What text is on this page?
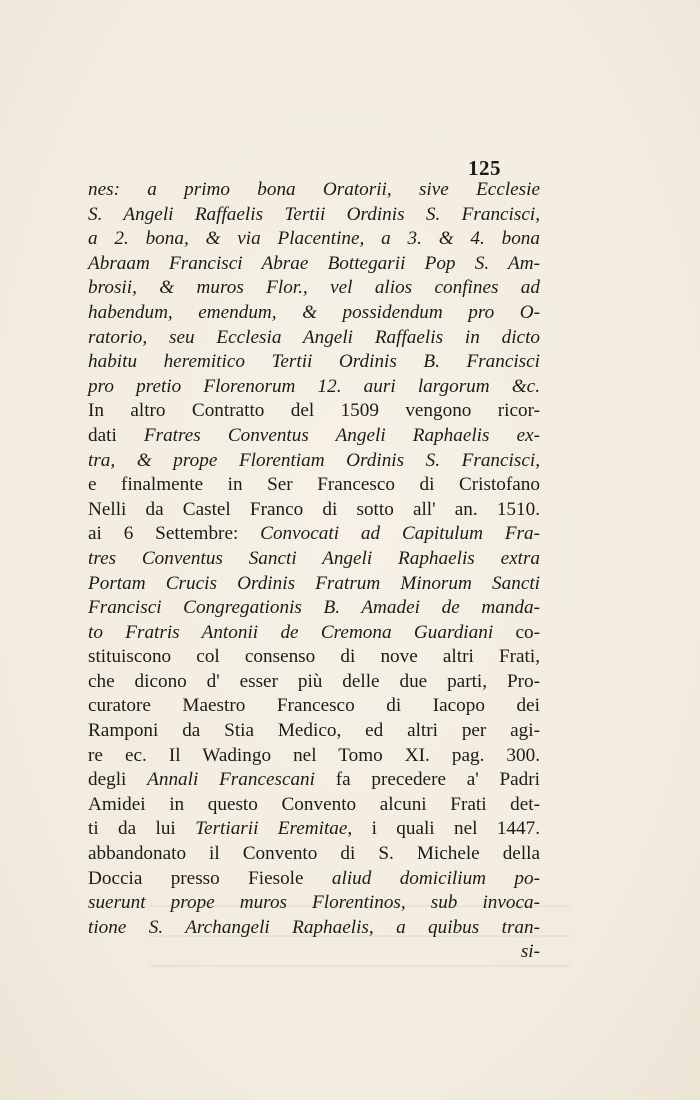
125
nes: a primo bona Oratorii, sive Ecclesie
S. Angeli Raffaelis Tertii Ordinis S. Francisci,
a 2. bona, & via Placentine, a 3. & 4. bona
Abraam Francisci Abrae Bottegarii Pop S. Am-
brosii, & muros Flor., vel alios confines ad
habendum, emendum, & possidendum pro O-
ratorio, seu Ecclesia Angeli Raffaelis in dicto
habitu heremitico Tertii Ordinis B. Francisci
pro pretio Florenorum 12. auri largorum &c.
In altro Contratto del 1509 vengono ricor-
dati Fratres Conventus Angeli Raphaelis ex-
tra, & prope Florentiam Ordinis S. Francisci,
e finalmente in Ser Francesco di Cristofano
Nelli da Castel Franco di sotto all' an. 1510.
ai 6 Settembre: Convocati ad Capitulum Fra-
tres Conventus Sancti Angeli Raphaelis extra
Portam Crucis Ordinis Fratrum Minorum Sancti
Francisci Congregationis B. Amadei de manda-
to Fratris Antonii de Cremona Guardiani co-
stituiscono col consenso di nove altri Frati,
che dicono d' esser più delle due parti, Pro-
curatore Maestro Francesco di Iacopo dei
Ramponi da Stia Medico, ed altri per agi-
re ec. Il Wadingo nel Tomo XI. pag. 300.
degli Annali Francescani fa precedere a' Padri
Amidei in questo Convento alcuni Frati det-
ti da lui Tertiarii Eremitae, i quali nel 1447.
abbandonato il Convento di S. Michele della
Doccia presso Fiesole aliud domicilium po-
suerunt prope muros Florentinos, sub invoca-
tione S. Archangeli Raphaelis, a quibus tran-
si-
